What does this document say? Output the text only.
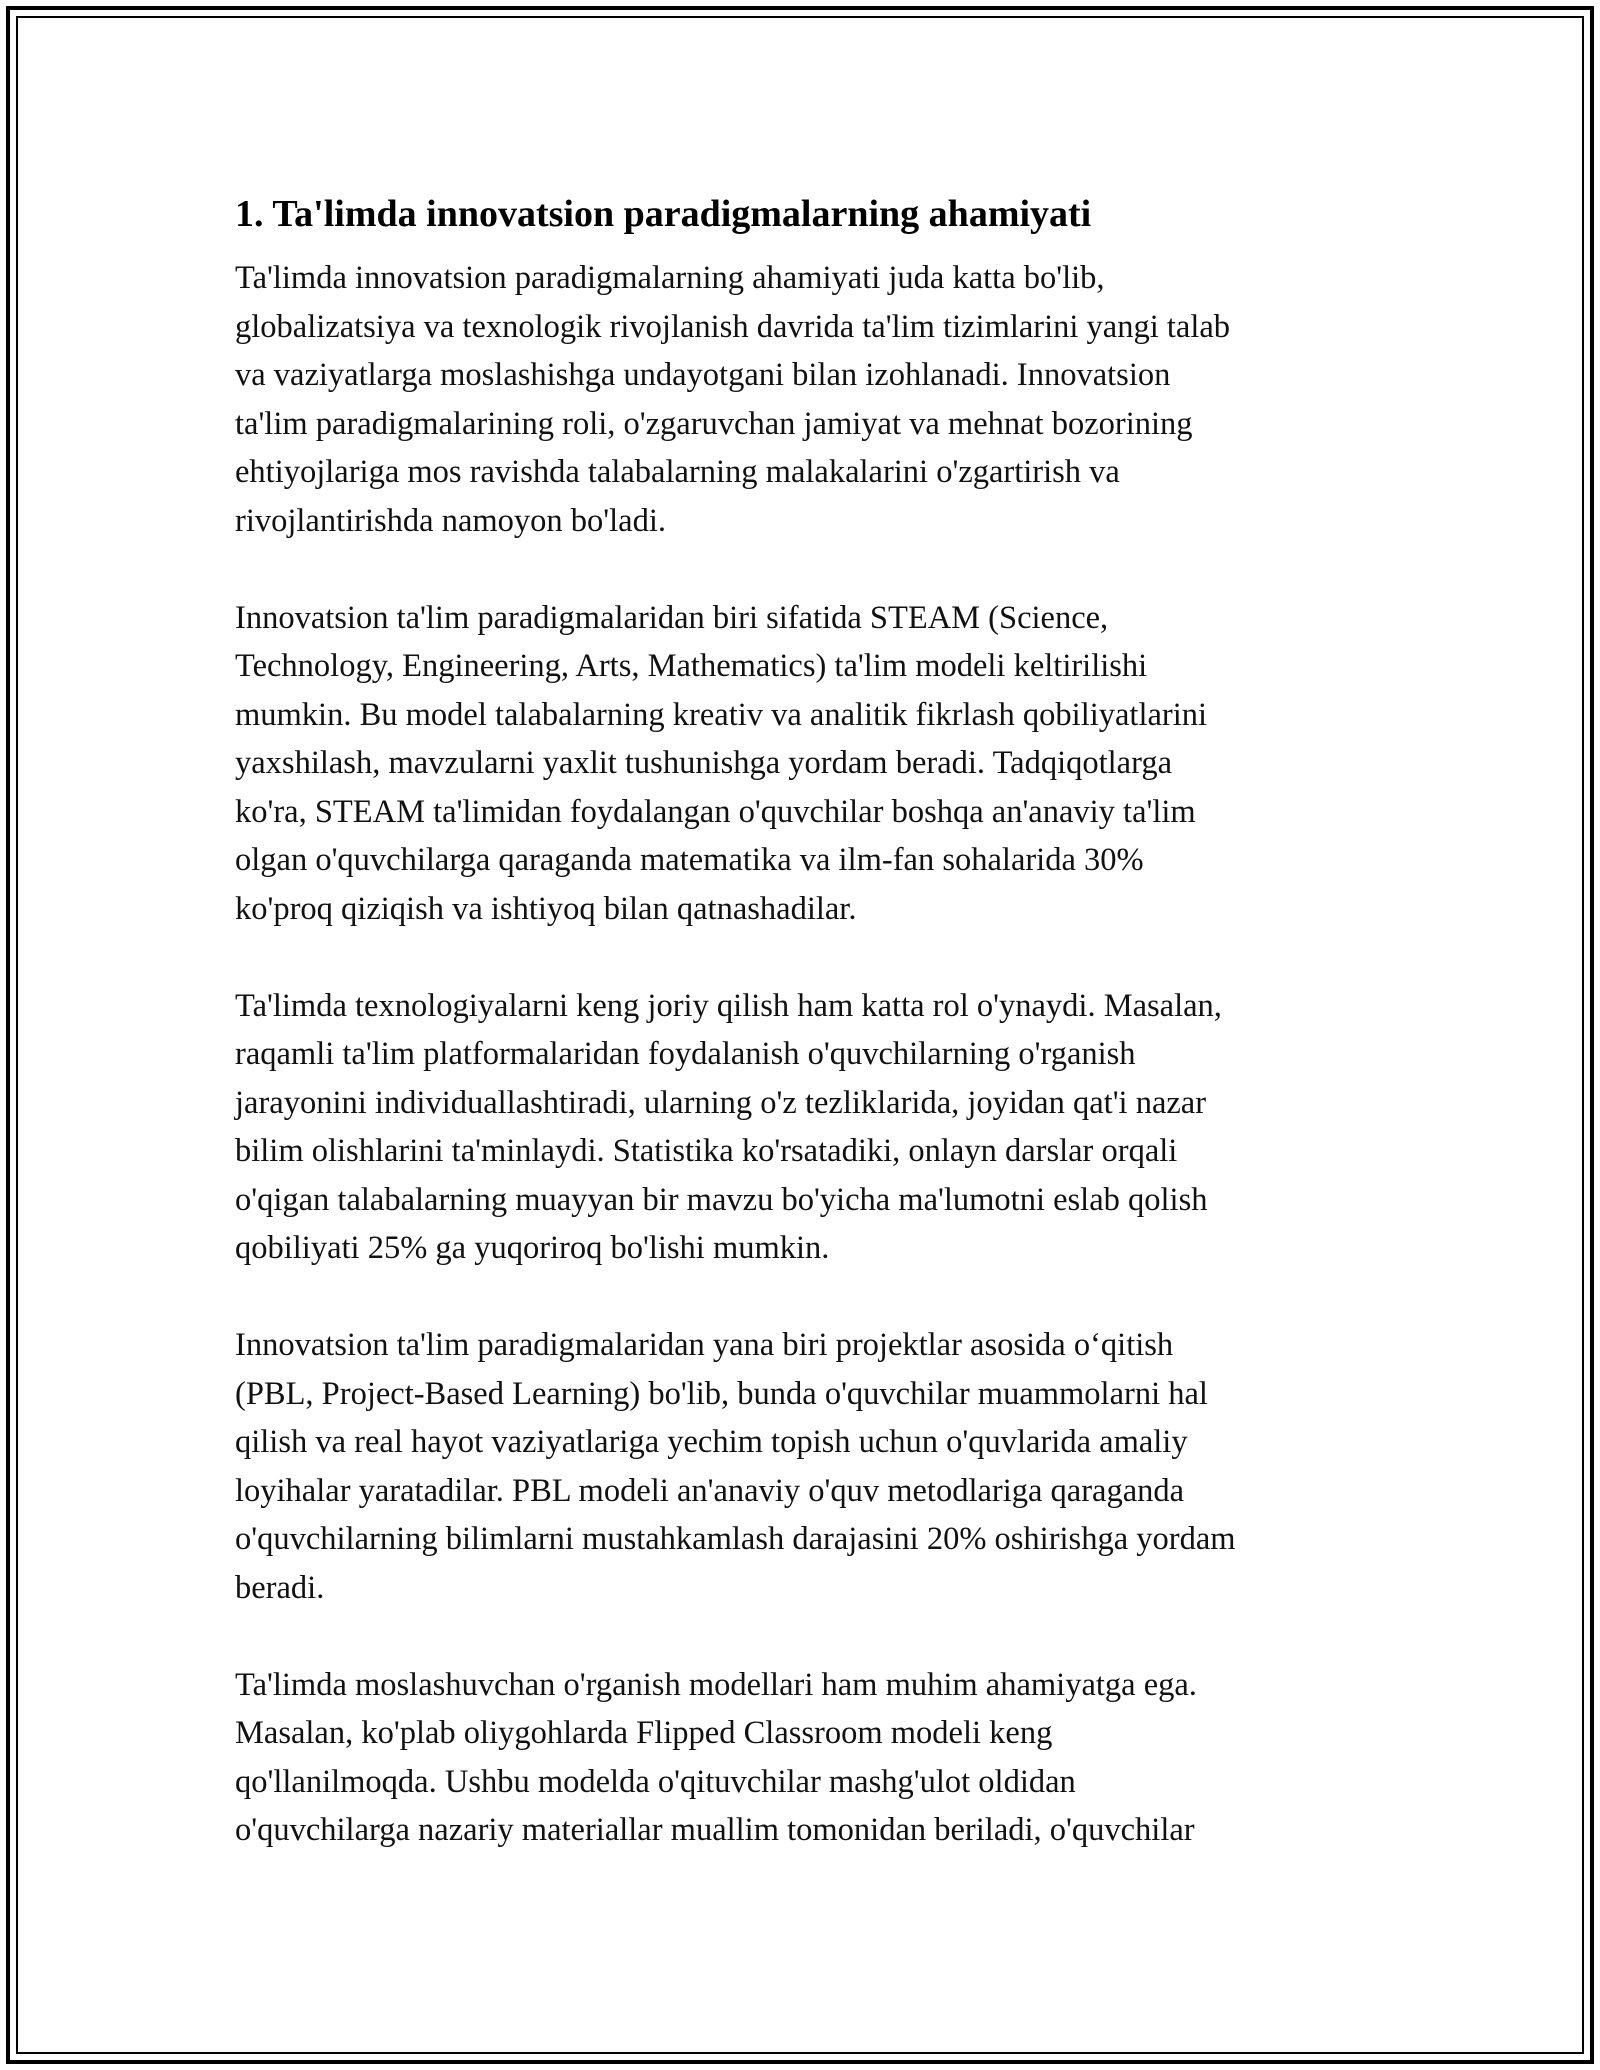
1. Ta'limda innovatsion paradigmalarning ahamiyati

Ta'limda innovatsion paradigmalarning ahamiyati juda katta bo'lib,
globalizatsiya va texnologik rivojlanish davrida ta'lim tizimlarini yangi talab
va vaziyatlarga moslashishga undayotgani bilan izohlanadi. Innovatsion
ta'lim paradigmalarining roli, o'zgaruvchan jamiyat va mehnat bozorining
ehtiyojlariga mos ravishda talabalarning malakalarini o'zgartirish va
rivojlantirishda namoyon bo'ladi.

Innovatsion ta'lim paradigmalaridan biri sifatida STEAM (Science,
Technology, Engineering, Arts, Mathematics) ta'lim modeli keltirilishi
mumkin. Bu model talabalarning kreativ va analitik fikrlash qobiliyatlarini
yaxshilash, mavzularni yaxlit tushunishga yordam beradi. Tadqiqotlarga
ko'ra, STEAM ta'limidan foydalangan o'quvchilar boshqa an'anaviy ta'lim
olgan o'quvchilarga qaraganda matematika va ilm-fan sohalarida 30%
ko'proq qiziqish va ishtiyoq bilan qatnashadilar.

Ta'limda texnologiyalarni keng joriy qilish ham katta rol o'ynaydi. Masalan,
raqamli ta'lim platformalaridan foydalanish o'quvchilarning o'rganish
jarayonini individuallashtiradi, ularning o'z tezliklarida, joyidan qat'i nazar
bilim olishlarini ta'minlaydi. Statistika ko'rsatadiki, onlayn darslar orqali
o'qigan talabalarning muayyan bir mavzu bo'yicha ma'lumotni eslab qolish
qobiliyati 25% ga yuqoriroq bo'lishi mumkin.

Innovatsion ta'lim paradigmalaridan yana biri projektlar asosida o‘qitish
(PBL, Project-Based Learning) bo'lib, bunda o'quvchilar muammolarni hal
qilish va real hayot vaziyatlariga yechim topish uchun o'quvlarida amaliy
loyihalar yaratadilar. PBL modeli an'anaviy o'quv metodlariga qaraganda
o'quvchilarning bilimlarni mustahkamlash darajasini 20% oshirishga yordam
beradi.

Ta'limda moslashuvchan o'rganish modellari ham muhim ahamiyatga ega.
Masalan, ko'plab oliygohlarda Flipped Classroom modeli keng
qo'llanilmoqda. Ushbu modelda o'qituvchilar mashg'ulot oldidan
o'quvchilarga nazariy materiallar muallim tomonidan beriladi, o'quvchilar
